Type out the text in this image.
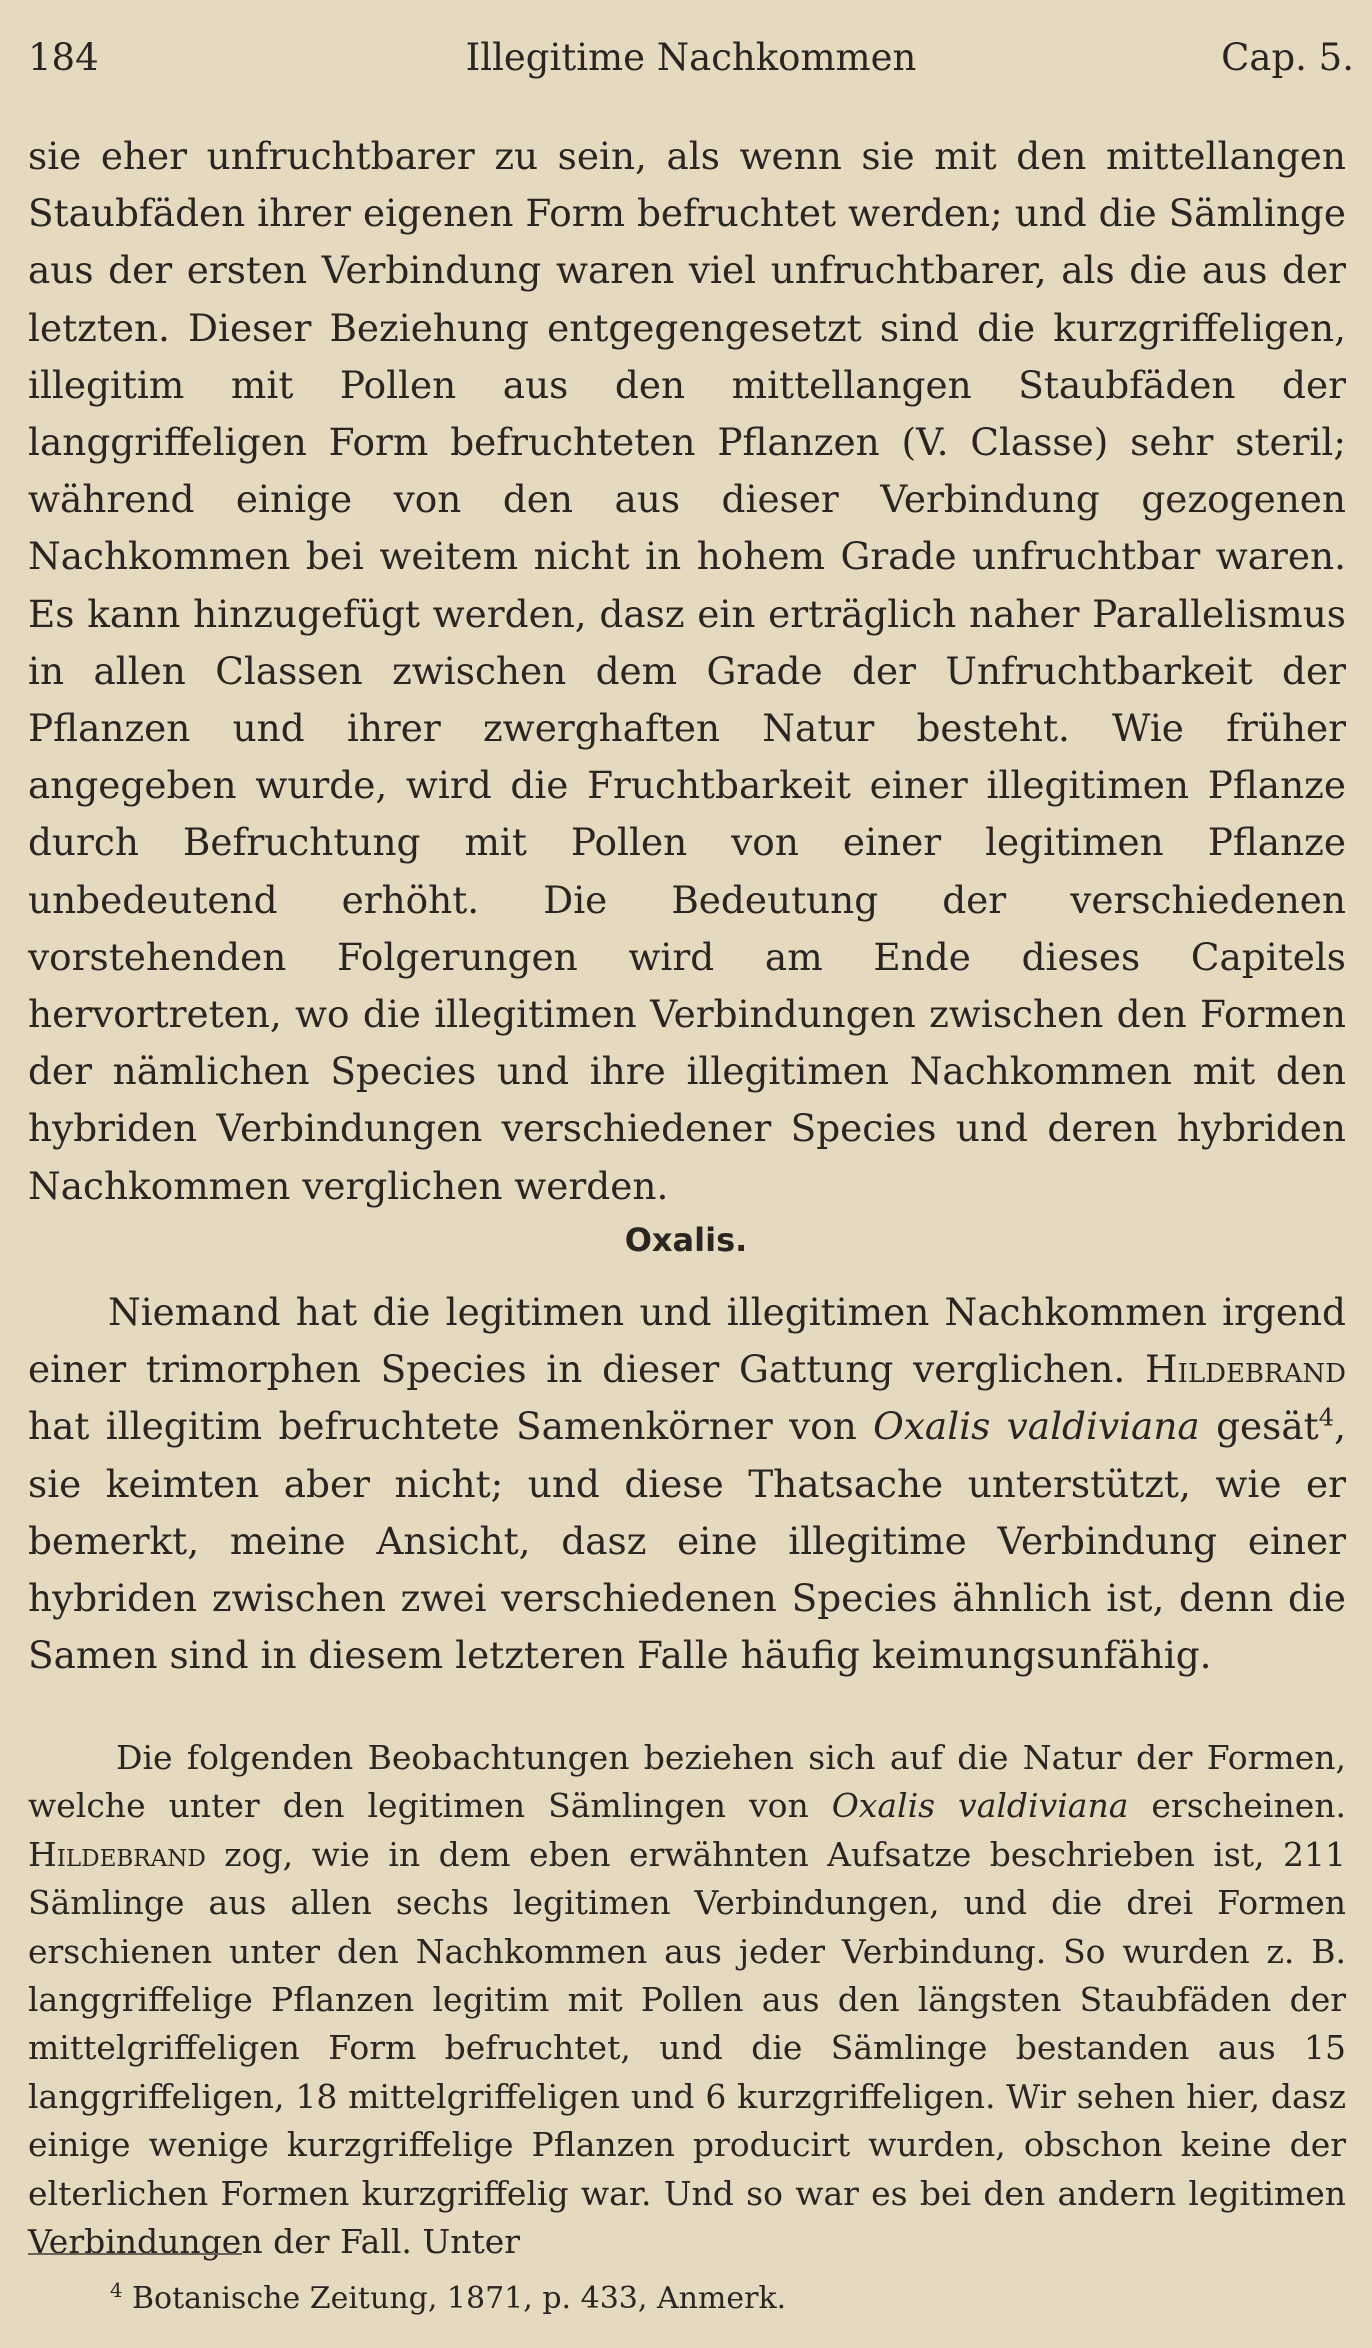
184	Illegitime Nachkommen	Cap. 5.

sie eher unfruchtbarer zu sein, als wenn sie mit den mittellangen Staubfäden ihrer eigenen Form befruchtet werden; und die Sämlinge aus der ersten Verbindung waren viel unfruchtbarer, als die aus der letzten. Dieser Beziehung entgegengesetzt sind die kurzgriffeligen, illegitim mit Pollen aus den mittellangen Staubfäden der langgriffeligen Form befruchteten Pflanzen (V. Classe) sehr steril; während einige von den aus dieser Verbindung gezogenen Nachkommen bei weitem nicht in hohem Grade unfruchtbar waren. Es kann hinzugefügt werden, dasz ein erträglich naher Parallelismus in allen Classen zwischen dem Grade der Unfruchtbarkeit der Pflanzen und ihrer zwerghaften Natur besteht. Wie früher angegeben wurde, wird die Fruchtbarkeit einer illegitimen Pflanze durch Befruchtung mit Pollen von einer legitimen Pflanze unbedeutend erhöht. Die Bedeutung der verschiedenen vorstehenden Folgerungen wird am Ende dieses Capitels hervortreten, wo die illegitimen Verbindungen zwischen den Formen der nämlichen Species und ihre illegitimen Nachkommen mit den hybriden Verbindungen verschiedener Species und deren hybriden Nachkommen verglichen werden.

Oxalis.

Niemand hat die legitimen und illegitimen Nachkommen irgend einer trimorphen Species in dieser Gattung verglichen. Hildebrand hat illegitim befruchtete Samenkörner von Oxalis valdiviana gesät$^4$, sie keimten aber nicht; und diese Thatsache unterstützt, wie er bemerkt, meine Ansicht, dasz eine illegitime Verbindung einer hybriden zwischen zwei verschiedenen Species ähnlich ist, denn die Samen sind in diesem letzteren Falle häufig keimungsunfähig.

Die folgenden Beobachtungen beziehen sich auf die Natur der Formen, welche unter den legitimen Sämlingen von Oxalis valdiviana erscheinen. Hildebrand zog, wie in dem eben erwähnten Aufsatze beschrieben ist, 211 Sämlinge aus allen sechs legitimen Verbindungen, und die drei Formen erschienen unter den Nachkommen aus jeder Verbindung. So wurden z. B. langgriffelige Pflanzen legitim mit Pollen aus den längsten Staubfäden der mittelgriffeligen Form befruchtet, und die Sämlinge bestanden aus 15 langgriffeligen, 18 mittelgriffeligen und 6 kurzgriffeligen. Wir sehen hier, dasz einige wenige kurzgriffelige Pflanzen producirt wurden, obschon keine der elterlichen Formen kurzgriffelig war. Und so war es bei den andern legitimen Verbindungen der Fall. Unter

$^4$ Botanische Zeitung, 1871, p. 433, Anmerk.
